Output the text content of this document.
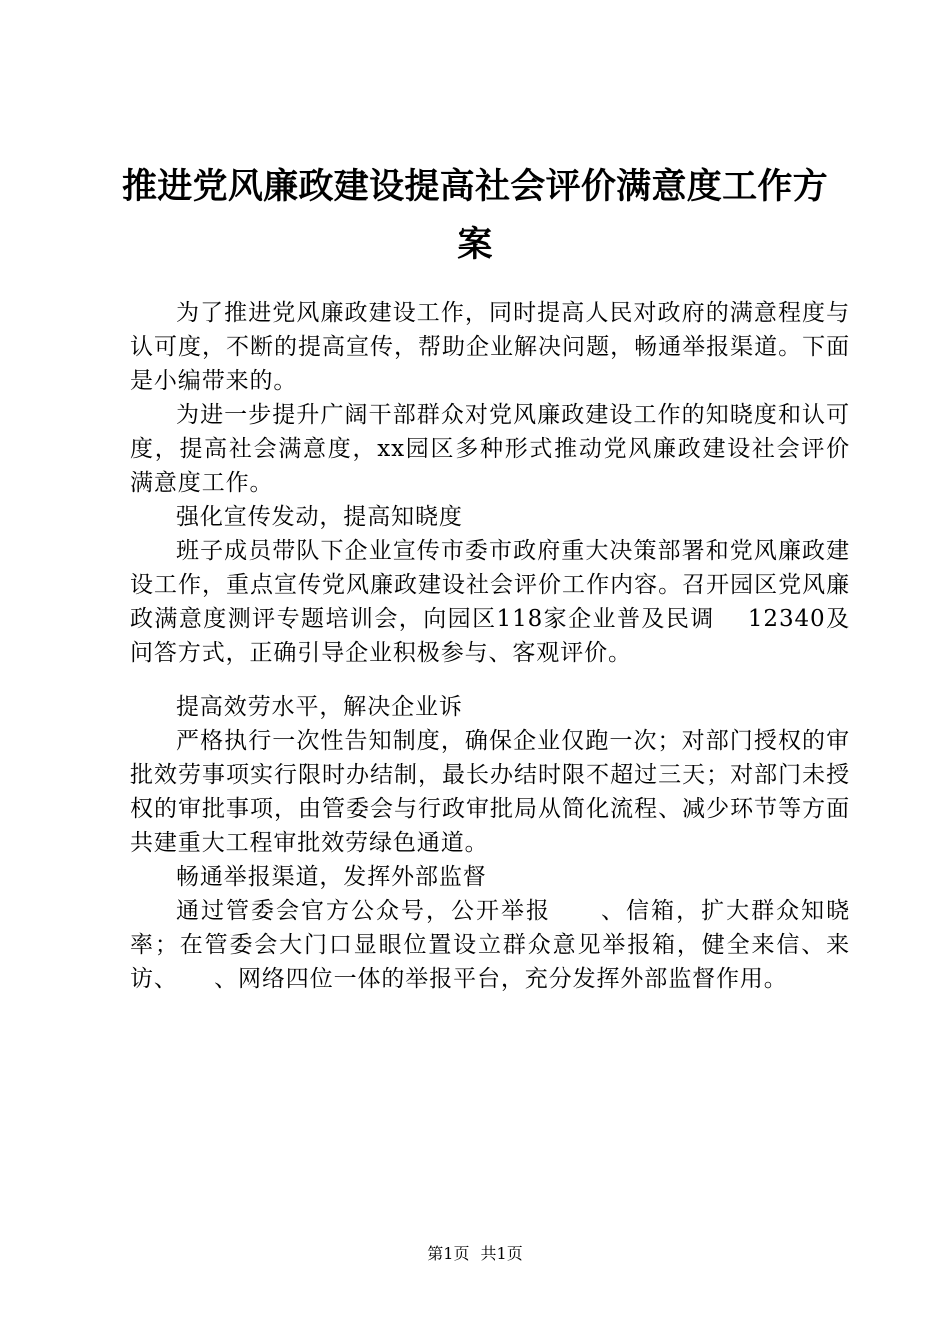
推进党风廉政建设提高社会评价满意度工作方
案

为了推进党风廉政建设工作，同时提高人民对政府的满意程度与认可度，不断的提高宣传，帮助企业解决问题，畅通举报渠道。下面是小编带来的。

为进一步提升广阔干部群众对党风廉政建设工作的知晓度和认可度，提高社会满意度，xx园区多种形式推动党风廉政建设社会评价满意度工作。

强化宣传发动，提高知晓度

班子成员带队下企业宣传市委市政府重大决策部署和党风廉政建设工作，重点宣传党风廉政建设社会评价工作内容。召开园区党风廉政满意度测评专题培训会，向园区118家企业普及民调　 12340及问答方式，正确引导企业积极参与、客观评价。

提高效劳水平，解决企业诉

严格执行一次性告知制度，确保企业仅跑一次；对部门授权的审批效劳事项实行限时办结制，最长办结时限不超过三天；对部门未授权的审批事项，由管委会与行政审批局从简化流程、减少环节等方面共建重大工程审批效劳绿色通道。

畅通举报渠道，发挥外部监督

通过管委会官方公众号，公开举报　　、信箱，扩大群众知晓率；在管委会大门口显眼位置设立群众意见举报箱，健全来信、来访、　　、网络四位一体的举报平台，充分发挥外部监督作用。

第1页 共1页
